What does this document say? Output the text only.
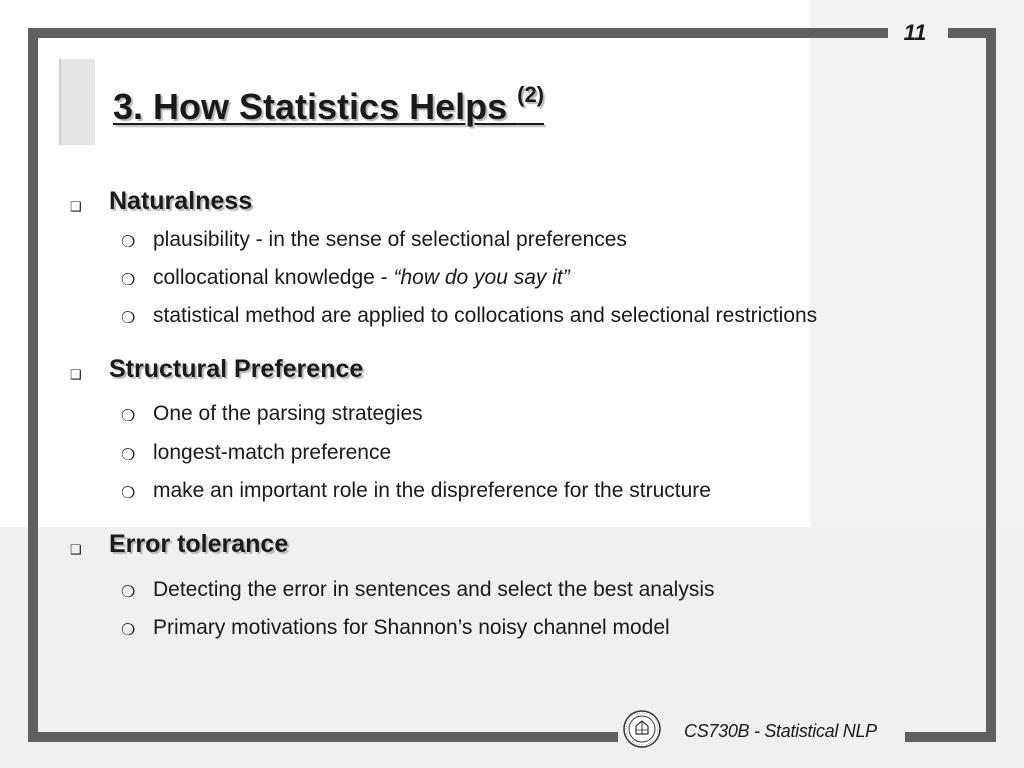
11
3. How Statistics Helps $^{(2)}$
❑ Naturalness
❍ plausibility - in the sense of selectional preferences
❍ collocational knowledge - “how do you say it”
❍ statistical method are applied to collocations and selectional restrictions
❑ Structural Preference
❍ One of the parsing strategies
❍ longest-match preference
❍ make an important role in the dispreference for the structure
❑ Error tolerance
❍ Detecting the error in sentences and select the best analysis
❍ Primary motivations for Shannon’s noisy channel model
CS730B - Statistical NLP
